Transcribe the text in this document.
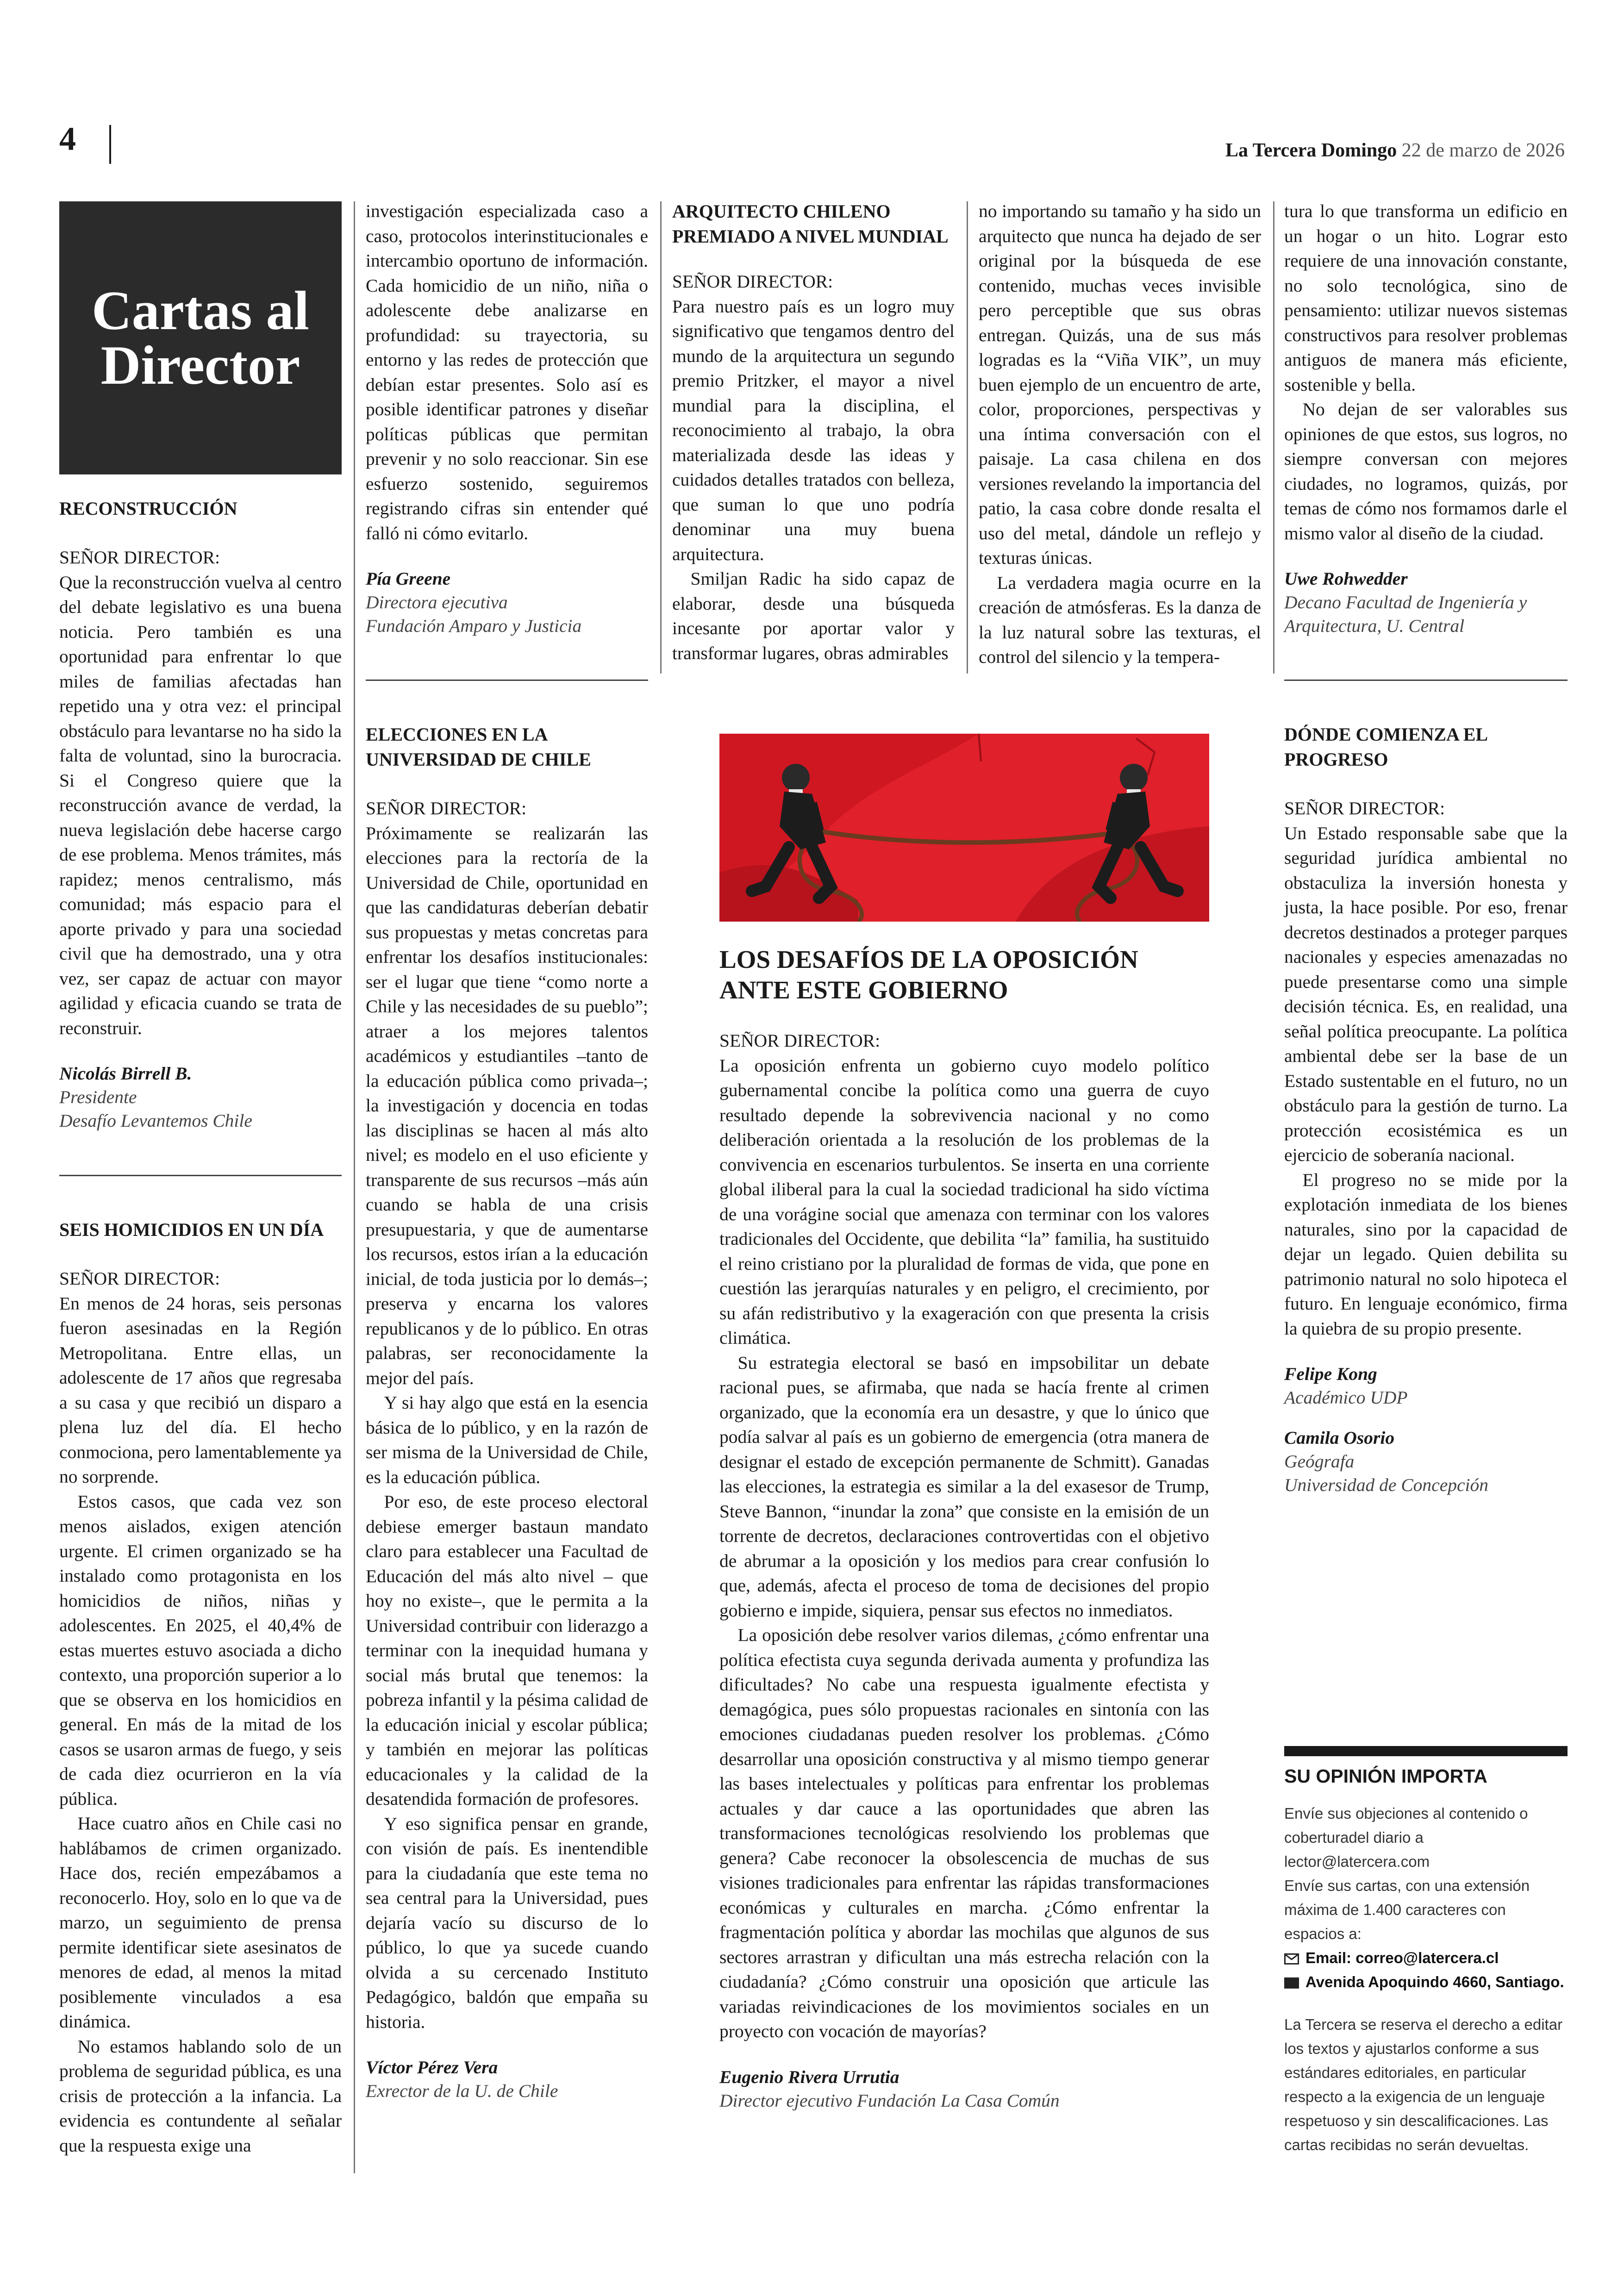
4	La Tercera Domingo 22 de marzo de 2026
Cartas al Director
RECONSTRUCCIÓN
SEÑOR DIRECTOR:

Que la reconstrucción vuelva al centro del debate legislativo es una buena noticia. Pero también es una oportunidad para enfrentar lo que miles de familias afectadas han repetido una y otra vez: el principal obstáculo para levantarse no ha sido la falta de voluntad, sino la burocracia. Si el Congreso quiere que la reconstrucción avance de verdad, la nueva legislación debe hacerse cargo de ese problema. Menos trámites, más rapidez; menos centralismo, más comunidad; más espacio para el aporte privado y para una sociedad civil que ha demostrado, una y otra vez, ser capaz de actuar con mayor agilidad y eficacia cuando se trata de reconstruir.

Nicolás Birrell B.
Presidente
Desafío Levantemos Chile
SEIS HOMICIDIOS EN UN DÍA
SEÑOR DIRECTOR:

En menos de 24 horas, seis personas fueron asesinadas en la Región Metropolitana. Entre ellas, un adolescente de 17 años que regresaba a su casa y que recibió un disparo a plena luz del día. El hecho conmociona, pero lamentablemente ya no sorprende.

Estos casos, que cada vez son menos aislados, exigen atención urgente. El crimen organizado se ha instalado como protagonista en los homicidios de niños, niñas y adolescentes. En 2025, el 40,4% de estas muertes estuvo asociada a dicho contexto, una proporción superior a lo que se observa en los homicidios en general. En más de la mitad de los casos se usaron armas de fuego, y seis de cada diez ocurrieron en la vía pública.

Hace cuatro años en Chile casi no hablábamos de crimen organizado. Hace dos, recién empezábamos a reconocerlo. Hoy, solo en lo que va de marzo, un seguimiento de prensa permite identificar siete asesinatos de menores de edad, al menos la mitad posiblemente vinculados a esa dinámica.

No estamos hablando solo de un problema de seguridad pública, es una crisis de protección a la infancia. La evidencia es contundente al señalar que la respuesta exige una

investigación especializada caso a caso, protocolos interinstitucionales e intercambio oportuno de información. Cada homicidio de un niño, niña o adolescente debe analizarse en profundidad: su trayectoria, su entorno y las redes de protección que debían estar presentes. Solo así es posible identificar patrones y diseñar políticas públicas que permitan prevenir y no solo reaccionar. Sin ese esfuerzo sostenido, seguiremos registrando cifras sin entender qué falló ni cómo evitarlo.

Pía Greene
Directora ejecutiva
Fundación Amparo y Justicia
ELECCIONES EN LA UNIVERSIDAD DE CHILE
SEÑOR DIRECTOR:

Próximamente se realizarán las elecciones para la rectoría de la Universidad de Chile, oportunidad en que las candidaturas deberían debatir sus propuestas y metas concretas para enfrentar los desafíos institucionales: ser el lugar que tiene “como norte a Chile y las necesidades de su pueblo”; atraer a los mejores talentos académicos y estudiantiles –tanto de la educación pública como privada–; la investigación y docencia en todas las disciplinas se hacen al más alto nivel; es modelo en el uso eficiente y transparente de sus recursos –más aún cuando se habla de una crisis presupuestaria, y que de aumentarse los recursos, estos irían a la educación inicial, de toda justicia por lo demás–; preserva y encarna los valores republicanos y de lo público. En otras palabras, ser reconocidamente la mejor del país.

Y si hay algo que está en la esencia básica de lo público, y en la razón de ser misma de la Universidad de Chile, es la educación pública.

Por eso, de este proceso electoral debiese emerger bastaun mandato claro para establecer una Facultad de Educación del más alto nivel – que hoy no existe–, que le permita a la Universidad contribuir con liderazgo a terminar con la inequidad humana y social más brutal que tenemos: la pobreza infantil y la pésima calidad de la educación inicial y escolar pública; y también en mejorar las políticas educacionales y la calidad de la desatendida formación de profesores.

Y eso significa pensar en grande, con visión de país. Es inentendible para la ciudadanía que este tema no sea central para la Universidad, pues dejaría vacío su discurso de lo público, lo que ya sucede cuando olvida a su cercenado Instituto Pedagógico, baldón que empaña su historia.

Víctor Pérez Vera
Exrector de la U. de Chile
ARQUITECTO CHILENO PREMIADO A NIVEL MUNDIAL
SEÑOR DIRECTOR:

Para nuestro país es un logro muy significativo que tengamos dentro del mundo de la arquitectura un segundo premio Pritzker, el mayor a nivel mundial para la disciplina, el reconocimiento al trabajo, la obra materializada desde las ideas y cuidados detalles tratados con belleza, que suman lo que uno podría denominar una muy buena arquitectura.

Smiljan Radic ha sido capaz de elaborar, desde una búsqueda incesante por aportar valor y transformar lugares, obras admirables

no importando su tamaño y ha sido un arquitecto que nunca ha dejado de ser original por la búsqueda de ese contenido, muchas veces invisible pero perceptible que sus obras entregan. Quizás, una de sus más logradas es la “Viña VIK”, un muy buen ejemplo de un encuentro de arte, color, proporciones, perspectivas y una íntima conversación con el paisaje. La casa chilena en dos versiones revelando la importancia del patio, la casa cobre donde resalta el uso del metal, dándole un reflejo y texturas únicas.

La verdadera magia ocurre en la creación de atmósferas. Es la danza de la luz natural sobre las texturas, el control del silencio y la tempera-

tura lo que transforma un edificio en un hogar o un hito. Lograr esto requiere de una innovación constante, no solo tecnológica, sino de pensamiento: utilizar nuevos sistemas constructivos para resolver problemas antiguos de manera más eficiente, sostenible y bella.

No dejan de ser valorables sus opiniones de que estos, sus logros, no siempre conversan con mejores ciudades, no logramos, quizás, por temas de cómo nos formamos darle el mismo valor al diseño de la ciudad.

Uwe Rohwedder
Decano Facultad de Ingeniería y
Arquitectura, U. Central
LOS DESAFÍOS DE LA OPOSICIÓN ANTE ESTE GOBIERNO
SEÑOR DIRECTOR:

La oposición enfrenta un gobierno cuyo modelo político gubernamental concibe la política como una guerra de cuyo resultado depende la sobrevivencia nacional y no como deliberación orientada a la resolución de los problemas de la convivencia en escenarios turbulentos. Se inserta en una corriente global iliberal para la cual la sociedad tradicional ha sido víctima de una vorágine social que amenaza con terminar con los valores tradicionales del Occidente, que debilita “la” familia, ha sustituido el reino cristiano por la pluralidad de formas de vida, que pone en cuestión las jerarquías naturales y en peligro, el crecimiento, por su afán redistributivo y la exageración con que presenta la crisis climática.

Su estrategia electoral se basó en impsobilitar un debate racional pues, se afirmaba, que nada se hacía frente al crimen organizado, que la economía era un desastre, y que lo único que podía salvar al país es un gobierno de emergencia (otra manera de designar el estado de excepción permanente de Schmitt). Ganadas las elecciones, la estrategia es similar a la del exasesor de Trump, Steve Bannon, “inundar la zona” que consiste en la emisión de un torrente de decretos, declaraciones controvertidas con el objetivo de abrumar a la oposición y los medios para crear confusión lo que, además, afecta el proceso de toma de decisiones del propio gobierno e impide, siquiera, pensar sus efectos no inmediatos.

La oposición debe resolver varios dilemas, ¿cómo enfrentar una política efectista cuya segunda derivada aumenta y profundiza las dificultades? No cabe una respuesta igualmente efectista y demagógica, pues sólo propuestas racionales en sintonía con las emociones ciudadanas pueden resolver los problemas. ¿Cómo desarrollar una oposición constructiva y al mismo tiempo generar las bases intelectuales y políticas para enfrentar los problemas actuales y dar cauce a las oportunidades que abren las transformaciones tecnológicas resolviendo los problemas que genera? Cabe reconocer la obsolescencia de muchas de sus visiones tradicionales para enfrentar las rápidas transformaciones económicas y culturales en marcha. ¿Cómo enfrentar la fragmentación política y abordar las mochilas que algunos de sus sectores arrastran y dificultan una más estrecha relación con la ciudadanía? ¿Cómo construir una oposición que articule las variadas reivindicaciones de los movimientos sociales en un proyecto con vocación de mayorías?

Eugenio Rivera Urrutia
Director ejecutivo Fundación La Casa Común
DÓNDE COMIENZA EL PROGRESO
SEÑOR DIRECTOR:

Un Estado responsable sabe que la seguridad jurídica ambiental no obstaculiza la inversión honesta y justa, la hace posible. Por eso, frenar decretos destinados a proteger parques nacionales y especies amenazadas no puede presentarse como una simple decisión técnica. Es, en realidad, una señal política preocupante. La política ambiental debe ser la base de un Estado sustentable en el futuro, no un obstáculo para la gestión de turno. La protección ecosistémica es un ejercicio de soberanía nacional.

El progreso no se mide por la explotación inmediata de los bienes naturales, sino por la capacidad de dejar un legado. Quien debilita su patrimonio natural no solo hipoteca el futuro. En lenguaje económico, firma la quiebra de su propio presente.

Felipe Kong
Académico UDP
Camila Osorio
Geógrafa
Universidad de Concepción
SU OPINIÓN IMPORTA
Envíe sus objeciones al contenido o coberturadel diario a lector@latercera.com
Envíe sus cartas, con una extensión máxima de 1.400 caracteres con espacios a:
Email: correo@latercera.cl
Avenida Apoquindo 4660, Santiago.
La Tercera se reserva el derecho a editar los textos y ajustarlos conforme a sus estándares editoriales, en particular respecto a la exigencia de un lenguaje respetuoso y sin descalificaciones. Las cartas recibidas no serán devueltas.
